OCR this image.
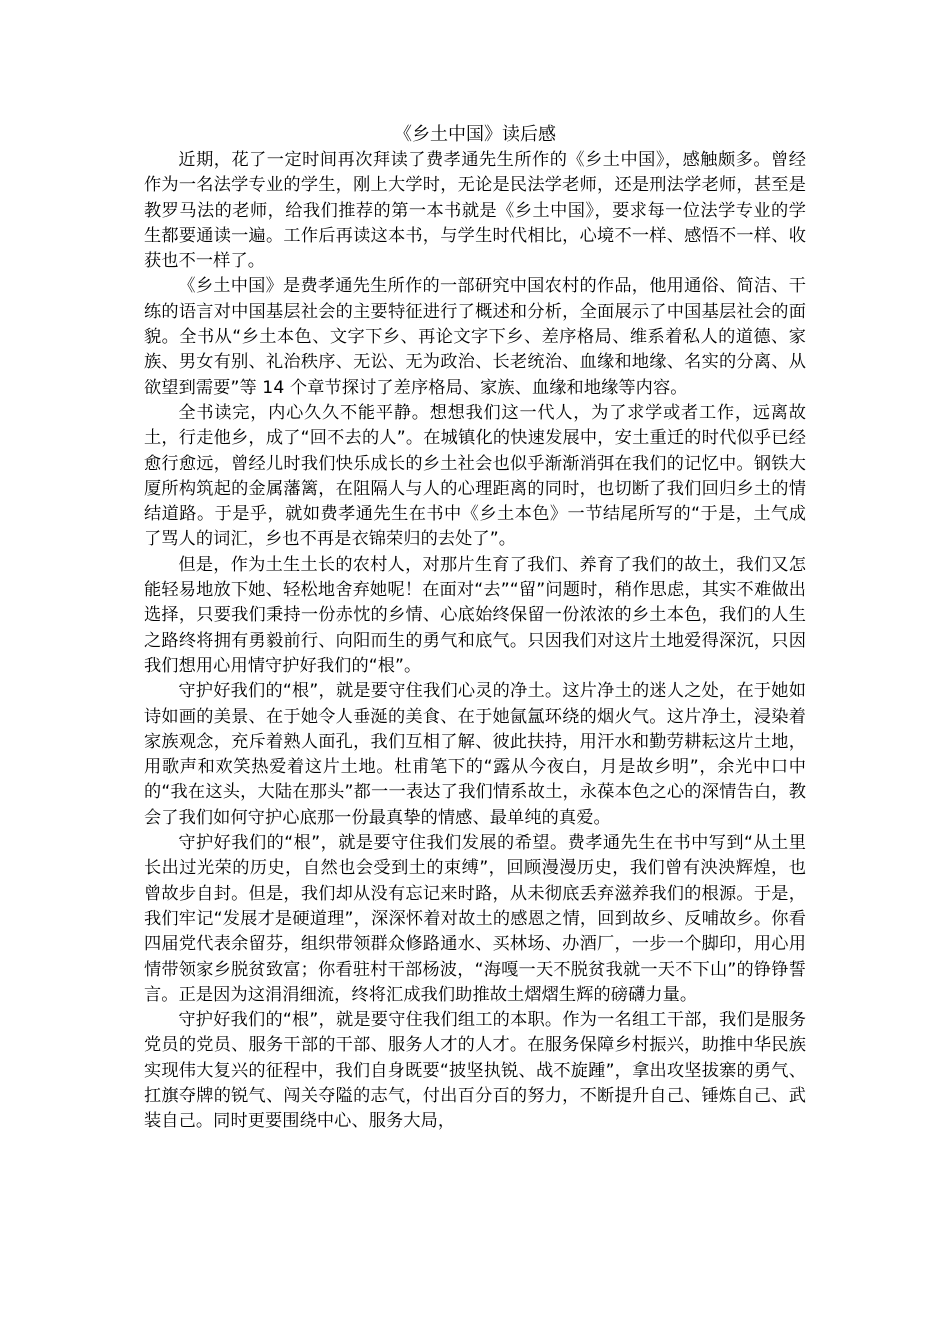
《乡土中国》读后感

近期，花了一定时间再次拜读了费孝通先生所作的《乡土中国》，感触颇多。曾经作为一名法学专业的学生，刚上大学时，无论是民法学老师，还是刑法学老师，甚至是教罗马法的老师，给我们推荐的第一本书就是《乡土中国》，要求每一位法学专业的学生都要通读一遍。工作后再读这本书，与学生时代相比，心境不一样、感悟不一样、收获也不一样了。

《乡土中国》是费孝通先生所作的一部研究中国农村的作品，他用通俗、简洁、干练的语言对中国基层社会的主要特征进行了概述和分析，全面展示了中国基层社会的面貌。全书从“乡土本色、文字下乡、再论文字下乡、差序格局、维系着私人的道德、家族、男女有别、礼治秩序、无讼、无为政治、长老统治、血缘和地缘、名实的分离、从欲望到需要”等 14 个章节探讨了差序格局、家族、血缘和地缘等内容。

全书读完，内心久久不能平静。想想我们这一代人，为了求学或者工作，远离故土，行走他乡，成了“回不去的人”。在城镇化的快速发展中，安土重迁的时代似乎已经愈行愈远，曾经儿时我们快乐成长的乡土社会也似乎渐渐消弭在我们的记忆中。钢铁大厦所构筑起的金属藩篱，在阻隔人与人的心理距离的同时，也切断了我们回归乡土的情结道路。于是乎，就如费孝通先生在书中《乡土本色》一节结尾所写的“于是，土气成了骂人的词汇，乡也不再是衣锦荣归的去处了”。

但是，作为土生土长的农村人，对那片生育了我们、养育了我们的故土，我们又怎能轻易地放下她、轻松地舍弃她呢！在面对“去”“留”问题时，稍作思虑，其实不难做出选择，只要我们秉持一份赤忱的乡情、心底始终保留一份浓浓的乡土本色，我们的人生之路终将拥有勇毅前行、向阳而生的勇气和底气。只因我们对这片土地爱得深沉，只因我们想用心用情守护好我们的“根”。

守护好我们的“根”，就是要守住我们心灵的净土。这片净土的迷人之处，在于她如诗如画的美景、在于她令人垂涎的美食、在于她氤氲环绕的烟火气。这片净土，浸染着家族观念，充斥着熟人面孔，我们互相了解、彼此扶持，用汗水和勤劳耕耘这片土地，用歌声和欢笑热爱着这片土地。杜甫笔下的“露从今夜白，月是故乡明”，余光中口中的“我在这头，大陆在那头”都一一表达了我们情系故土，永葆本色之心的深情告白，教会了我们如何守护心底那一份最真挚的情感、最单纯的真爱。

守护好我们的“根”，就是要守住我们发展的希望。费孝通先生在书中写到“从土里长出过光荣的历史，自然也会受到土的束缚”，回顾漫漫历史，我们曾有泱泱辉煌，也曾故步自封。但是，我们却从没有忘记来时路，从未彻底丢弃滋养我们的根源。于是，我们牢记“发展才是硬道理”，深深怀着对故土的感恩之情，回到故乡、反哺故乡。你看四届党代表余留芬，组织带领群众修路通水、买林场、办酒厂，一步一个脚印，用心用情带领家乡脱贫致富；你看驻村干部杨波，“海嘎一天不脱贫我就一天不下山”的铮铮誓言。正是因为这涓涓细流，终将汇成我们助推故土熠熠生辉的磅礴力量。

守护好我们的“根”，就是要守住我们组工的本职。作为一名组工干部，我们是服务党员的党员、服务干部的干部、服务人才的人才。在服务保障乡村振兴，助推中华民族实现伟大复兴的征程中，我们自身既要“披坚执锐、战不旋踵”，拿出攻坚拔寨的勇气、扛旗夺牌的锐气、闯关夺隘的志气，付出百分百的努力，不断提升自己、锤炼自己、武装自己。同时更要围绕中心、服务大局，
